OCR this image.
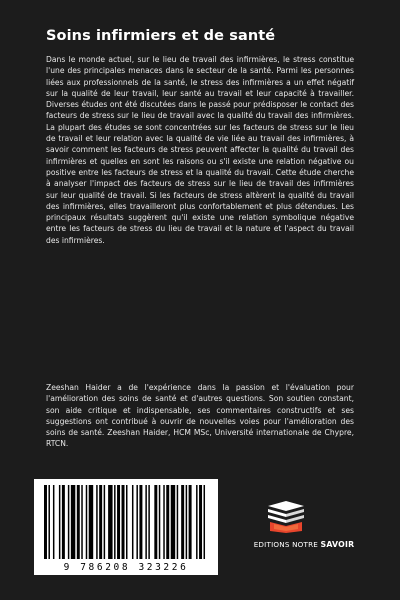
Soins infirmiers et de santé

Dans le monde actuel, sur le lieu de travail des infirmières, le stress constitue l'une des principales menaces dans le secteur de la santé. Parmi les personnes liées aux professionnels de la santé, le stress des infirmières a un effet négatif sur la qualité de leur travail, leur santé au travail et leur capacité à travailler. Diverses études ont été discutées dans le passé pour prédisposer le contact des facteurs de stress sur le lieu de travail avec la qualité du travail des infirmières. La plupart des études se sont concentrées sur les facteurs de stress sur le lieu de travail et leur relation avec la qualité de vie liée au travail des infirmières, à savoir comment les facteurs de stress peuvent affecter la qualité du travail des infirmières et quelles en sont les raisons ou s'il existe une relation négative ou positive entre les facteurs de stress et la qualité du travail. Cette étude cherche à analyser l'impact des facteurs de stress sur le lieu de travail des infirmières sur leur qualité de travail. Si les facteurs de stress altèrent la qualité du travail des infirmières, elles travailleront plus confortablement et plus détendues. Les principaux résultats suggèrent qu'il existe une relation symbolique négative entre les facteurs de stress du lieu de travail et la nature et l'aspect du travail des infirmières.

Zeeshan Haider a de l'expérience dans la passion et l'évaluation pour l'amélioration des soins de santé et d'autres questions. Son soutien constant, son aide critique et indispensable, ses commentaires constructifs et ses suggestions ont contribué à ouvrir de nouvelles voies pour l'amélioration des soins de santé. Zeeshan Haider, HCM MSc, Université internationale de Chypre, RTCN.

9 786208 323226
EDITIONS NOTRE SAVOIR
